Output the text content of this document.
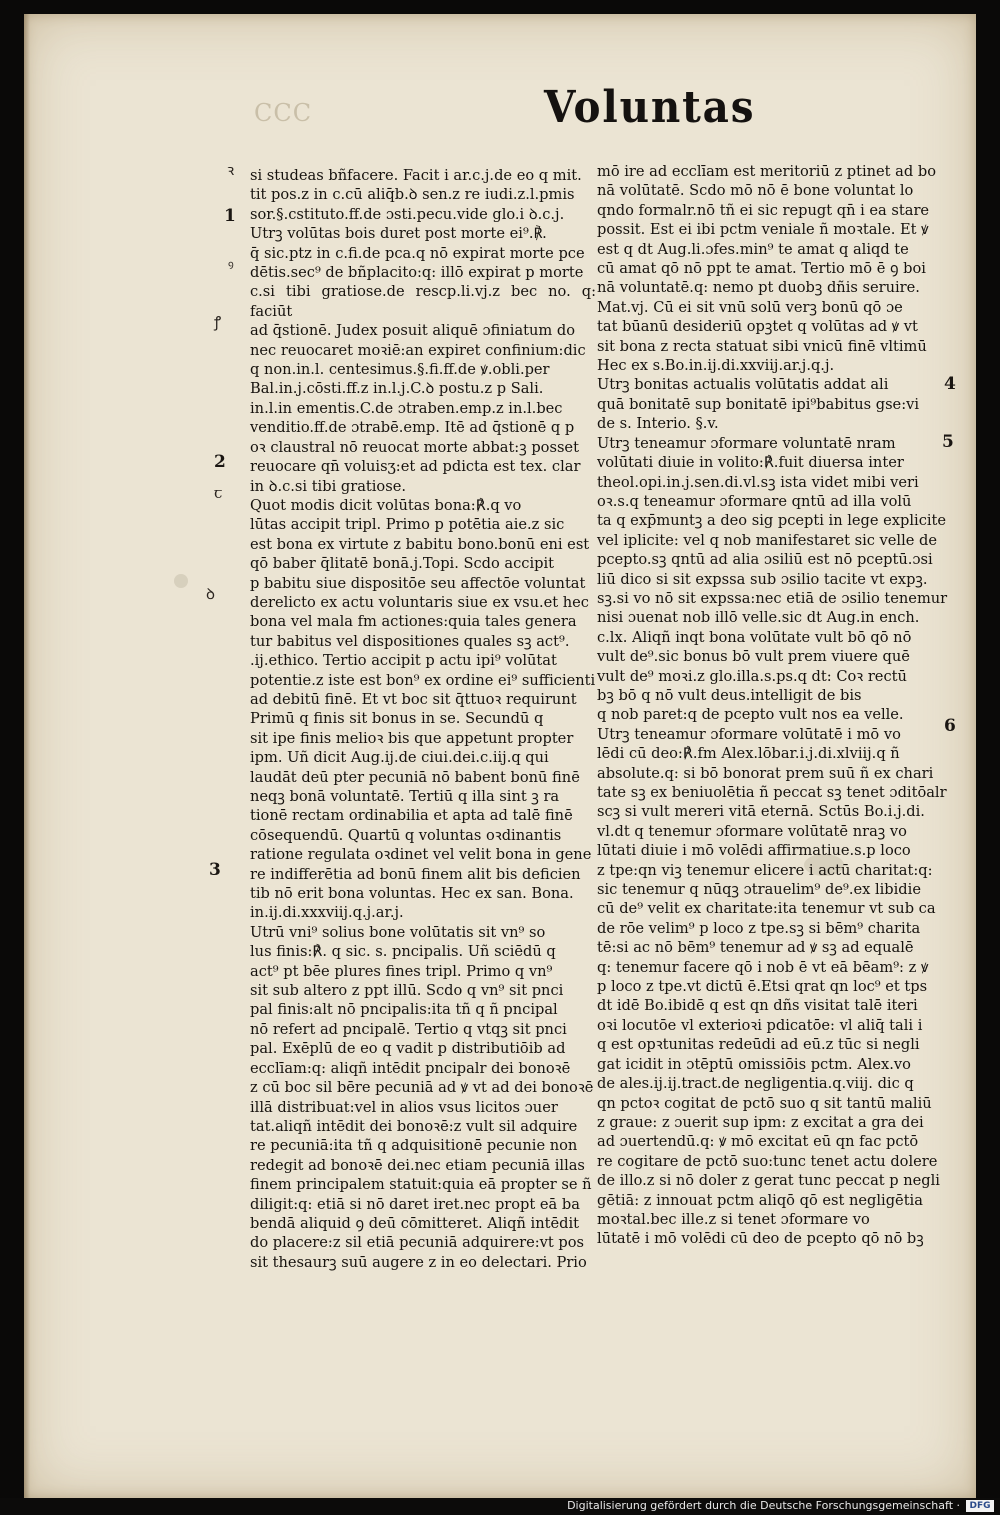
CCC	Voluntas

si studeas bñfacere. Facit i ar.c.j.de eo q mit.

tit pos.z in c.cū aliq̄b.ꝺ sen.z re iudi.z.l.pmis

sor.§.cstituto.ff.de ɔsti.pecu.vide glo.i ꝺ.c.j.

Utrꝫ volūtas bois duret post morte ei⁹.℟.

q̄ sic.ptz in c.fi.de pca.q nō expirat morte pce

dētis.sec⁹ de bñplacito:q: illō expirat p morte

c.si tibi gratiose.de rescp.li.vj.z bec no. q: faciūt

ad q̄stionē. Judex posuit aliquē ɔfiniatum do

nec reuocaret moꝛiē:an expiret confinium:dic

q non.in.l. centesimus.§.fi.ff.de ꝟ.obli.per

Bal.in.j.cōsti.ff.z in.l.j.C.ꝺ postu.z p Sali.

in.l.in ementis.C.de ɔtraben.emp.z in.l.bec

venditio.ff.de ɔtrabē.emp. Itē ad q̄stionē q p

oꝛ claustral nō reuocat morte abbat:ꝫ posset

reuocare qn̄ voluisʒ:et ad pdicta est tex. clar

in ꝺ.c.si tibi gratiose.

Quot modis dicit volūtas bona:℟.q vo

lūtas accipit tripl. Primo p potētia aie.z sic

est bona ex virtute z babitu bono.bonū eni est

qō baber q̄litatē bonā.j.Topi. Scdo accipit

p babitu siue dispositōe seu affectōe voluntat

derelicto ex actu voluntaris siue ex vsu.et hec

bona vel mala fm actiones:quia tales genera

tur babitus vel dispositiones quales sꝫ act⁹.

.ij.ethico. Tertio accipit p actu ipi⁹ volūtat

potentie.z iste est bon⁹ ex ordine ei⁹ sufficienti

ad debitū finē. Et vt boc sit q̄ttuoꝛ requirunt

Primū q finis sit bonus in se. Secundū q

sit ipe finis melioꝛ bis que appetunt propter

ipm. Uñ dicit Aug.ij.de ciui.dei.c.iij.q qui

laudāt deū pter pecuniā nō babent bonū finē

neqꝫ bonā voluntatē. Tertiū q illa sint ꝫ ra

tionē rectam ordinabilia et apta ad talē finē

cōsequendū. Quartū q voluntas oꝛdinantis

ratione regulata oꝛdinet vel velit bona in gene

re indifferētia ad bonū finem alit bis deficien

tib nō erit bona voluntas. Hec ex san. Bona.

in.ij.di.xxxviij.q.j.ar.j.

Utrū vni⁹ solius bone volūtatis sit vn⁹ so

lus finis:℟. q sic. s. pncipalis. Uñ sciēdū q

act⁹ pt bēe plures fines tripl. Primo q vn⁹

sit sub altero z ppt illū. Scdo q vn⁹ sit pnci

pal finis:alt nō pncipalis:ita tñ q ñ pncipal

nō refert ad pncipalē. Tertio q vtqꝫ sit pnci

pal. Exēplū de eo q vadit p distributiōib ad

ecclīam:q: aliqñ intēdit pncipalr dei bonoꝛē

z cū boc sil bēre pecuniā ad ꝟ vt ad dei bonoꝛē

illā distribuat:vel in alios vsus licitos ɔuer

tat.aliqñ intēdit dei bonoꝛē:z vult sil adquire

re pecuniā:ita tñ q adquisitionē pecunie non

redegit ad bonoꝛē dei.nec etiam pecuniā illas

finem principalem statuit:quia eā propter se ñ

diligit:q: etiā si nō daret iret.nec propt eā ba

bendā aliquid ꝯ deū cōmitteret. Aliqñ intēdit

do placere:z sil etiā pecuniā adquirere:vt pos

sit thesaurꝫ suū augere z in eo delectari. Prio

mō ire ad ecclīam est meritoriū z ptinet ad bo

nā volūtatē. Scdo mō nō ē bone voluntat lo

qndo formalr.nō tñ ei sic repugt qn̄ i ea stare

possit. Est ei ibi pctm veniale ñ moꝛtale. Et ꝟ

est q dt Aug.li.ɔfes.min⁹ te amat q aliqd te

cū amat qō nō ppt te amat. Tertio mō ē ꝯ boi

nā voluntatē.q: nemo pt duobꝫ dñis seruire.

Mat.vj. Cū ei sit vnū solū verꝫ bonū qō ɔe

tat būanū desideriū opꝫtet q volūtas ad ꝟ vt

sit bona z recta statuat sibi vnicū finē vltimū

Hec ex s.Bo.in.ij.di.xxviij.ar.j.q.j.

Utrꝫ bonitas actualis volūtatis addat ali

quā bonitatē sup bonitatē ipi⁹babitus gse:vi

de s. Interio. §.v.

Utrꝫ teneamur ɔformare voluntatē nram

volūtati diuie in volito:℟.fuit diuersa inter

theol.opi.in.j.sen.di.vl.sꝫ ista videt mibi veri

oꝛ.s.q teneamur ɔformare qntū ad illa volū

ta q exp̄muntꝫ a deo sig pcepti in lege explicite

vel iplicite: vel q nob manifestaret sic velle de

pcepto.sꝫ qntū ad alia ɔsiliū est nō pceptū.ɔsi

liū dico si sit expssa sub ɔsilio tacite vt expꝫ.

sꝫ.si vo nō sit expssa:nec etiā de ɔsilio tenemur

nisi ɔuenat nob illō velle.sic dt Aug.in ench.

c.lx. Aliqñ inqt bona volūtate vult bō qō nō

vult de⁹.sic bonus bō vult prem viuere quē

vult de⁹ moꝛi.z glo.illa.s.ps.q dt: Coꝛ rectū

bꝫ bō q nō vult deus.intelligit de bis

q nob paret:q de pcepto vult nos ea velle.

Utrꝫ teneamur ɔformare volūtatē i mō vo

lēdi cū deo:℟.fm Alex.lōbar.i.j.di.xlviij.q ñ

absolute.q: si bō bonorat prem suū ñ ex chari

tate sꝫ ex beniuolētia ñ peccat sꝫ tenet ɔditōalr

scꝫ si vult mereri vitā eternā. Sctūs Bo.i.j.di.

vl.dt q tenemur ɔformare volūtatē nraꝫ vo

lūtati diuie i mō volēdi affirmatiue.s.p loco

z tpe:qn viꝫ tenemur elicere i actū charitat:q:

sic tenemur q nūqꝫ ɔtrauelim⁹ de⁹.ex libidie

cū de⁹ velit ex charitate:ita tenemur vt sub ca

de rōe velim⁹ p loco z tpe.sꝫ si bēm⁹ charita

tē:si ac nō bēm⁹ tenemur ad ꝟ sꝫ ad equalē

q: tenemur facere qō i nob ē vt eā bēam⁹: z ꝟ

p loco z tpe.vt dictū ē.Etsi qrat qn loc⁹ et tps

dt idē Bo.ibidē q est qn dñs visitat talē iteri

oꝛi locutōe vl exterioꝛi pdicatōe: vl aliq̄ tali i

q est opꝛtunitas redeūdi ad eū.z tūc si negli

gat icidit in ɔtēptū omissiōis pctm. Alex.vo

de ales.ij.ij.tract.de negligentia.q.viij. dic q

qn pctoꝛ cogitat de pctō suo q sit tantū maliū

z graue: z ɔuerit sup ipm: z excitat a gra dei

ad ɔuertendū.q: ꝟ mō excitat eū qn fac pctō

re cogitare de pctō suo:tunc tenet actu dolere

de illo.z si nō doler z gerat tunc peccat p negli

gētiā: z innouat pctm aliqō qō est negligētia

moꝛtal.bec ille.z si tenet ɔformare vo

lūtatē i mō volēdi cū deo de pcepto qō nō bꝫ

1
2
3
4
5
6
ꝛ
ꝰ
ꝭ
ꞇ
ꝺ
Digitalisierung gefördert durch die Deutsche Forschungsgemeinschaft ·	DFG
